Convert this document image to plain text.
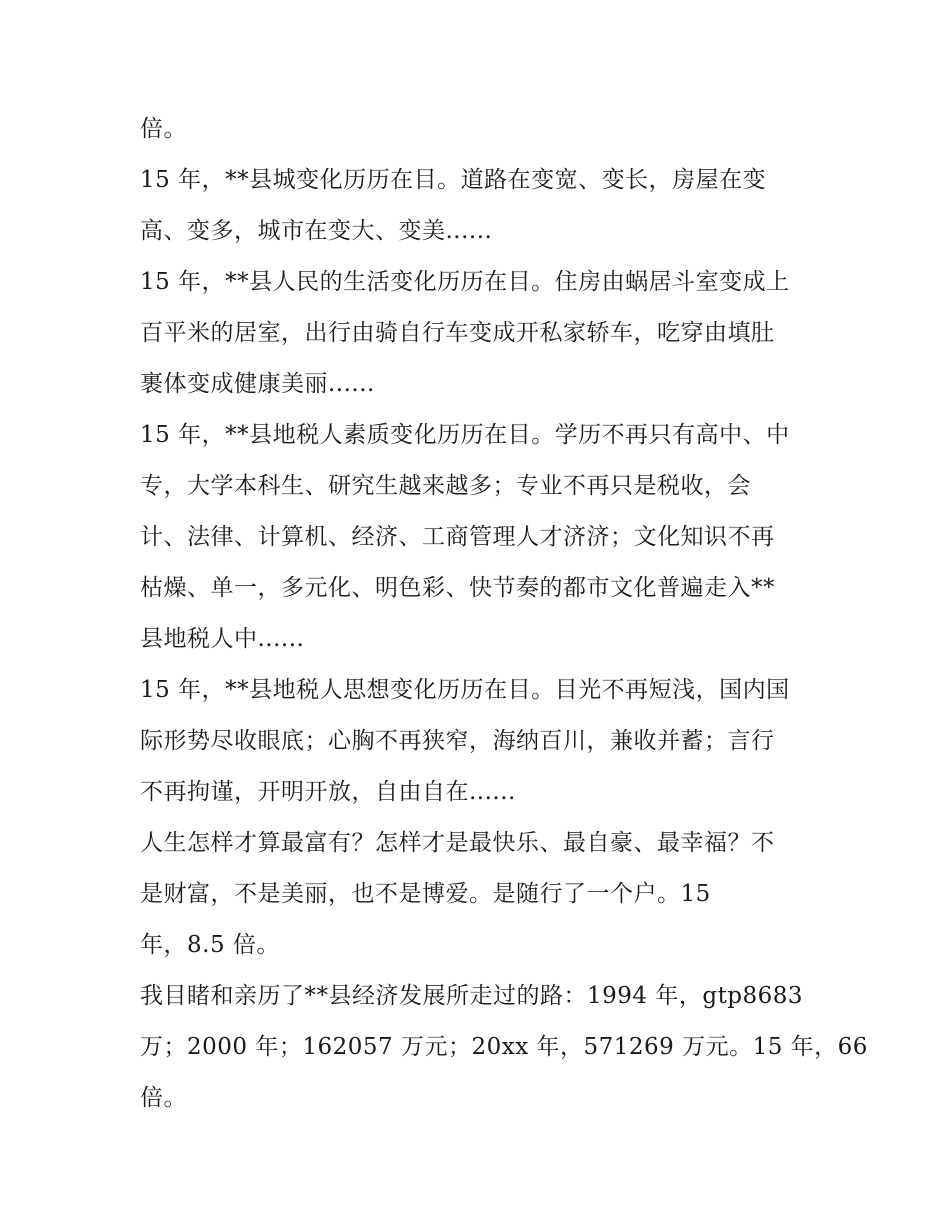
倍。
15 年，**县城变化历历在目。道路在变宽、变长，房屋在变
高、变多，城市在变大、变美......
15 年，**县人民的生活变化历历在目。住房由蜗居斗室变成上
百平米的居室，出行由骑自行车变成开私家轿车，吃穿由填肚
裹体变成健康美丽......
15 年，**县地税人素质变化历历在目。学历不再只有高中、中
专，大学本科生、研究生越来越多；专业不再只是税收，会
计、法律、计算机、经济、工商管理人才济济；文化知识不再
枯燥、单一，多元化、明色彩、快节奏的都市文化普遍走入**
县地税人中......
15 年，**县地税人思想变化历历在目。目光不再短浅，国内国
际形势尽收眼底；心胸不再狭窄，海纳百川，兼收并蓄；言行
不再拘谨，开明开放，自由自在......
人生怎样才算最富有？怎样才是最快乐、最自豪、最幸福？不
是财富，不是美丽，也不是博爱。是随行了一个户。15
年，8.5 倍。
我目睹和亲历了**县经济发展所走过的路：1994 年，gtp8683
万；2000 年；162057 万元；20xx 年，571269 万元。15 年，66
倍。
